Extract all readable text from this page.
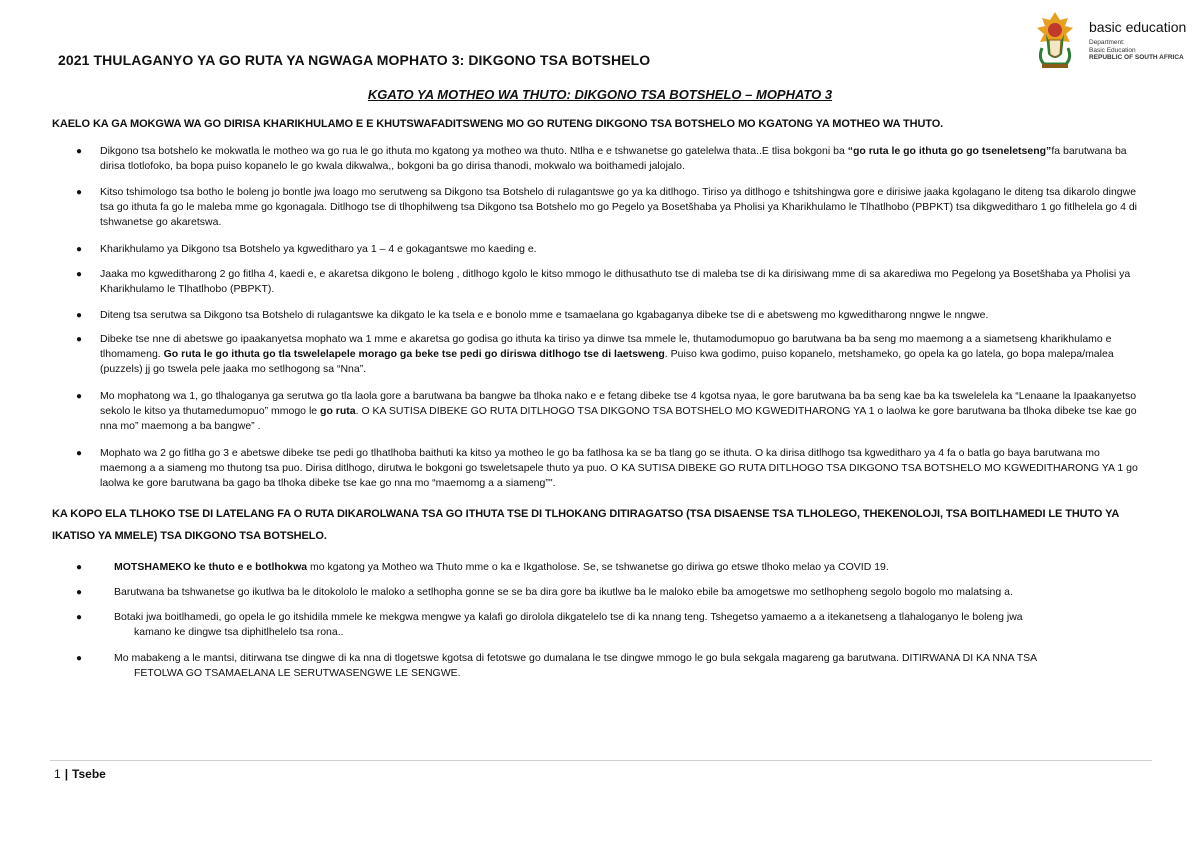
2021 THULAGANYO YA GO RUTA YA NGWAGA MOPHATO 3: DIKGONO TSA BOTSHELO
basic education
Department:
Basic Education
REPUBLIC OF SOUTH AFRICA
KGATO YA MOTHEO WA THUTO: DIKGONO TSA BOTSHELO – MOPHATO 3
KAELO KA GA MOKGWA WA GO DIRISA KHARIKHULAMO E E KHUTSWAFADITSWENG MO GO RUTENG DIKGONO TSA BOTSHELO MO KGATONG YA MOTHEO WA THUTO.
●	Dikgono tsa botshelo ke mokwatla le motheo wa go rua le go ithuta mo kgatong ya motheo wa thuto. Ntlha e e tshwanetse go gatelelwa thata..E tlisa bokgoni ba “go ruta le go ithuta go go tseneletseng”fa barutwana ba dirisa tlotlofoko, ba bopa puiso kopanelo le go kwala dikwalwa,, bokgoni ba go dirisa thanodi, mokwalo wa boithamedi jalojalo.
●	Kitso tshimologo tsa botho le boleng jo bontle jwa loago mo serutweng sa Dikgono tsa Botshelo di rulagantswe go ya ka ditlhogo. Tiriso ya ditlhogo e tshitshingwa gore e dirisiwe jaaka kgolagano le diteng tsa dikarolo dingwe tsa go ithuta fa go le maleba mme go kgonagala. Ditlhogo tse di tlhophilweng tsa Dikgono tsa Botshelo mo go Pegelo ya Bosetšhaba ya Pholisi ya Kharikhulamo le Tlhatlhobo (PBPKT) tsa dikgweditharo 1 go fitlhelela go 4 di tshwanetse go akaretswa.
●	Kharikhulamo ya Dikgono tsa Botshelo ya kgweditharo ya 1 – 4 e gokagantswe mo kaeding e.
●	Jaaka mo kgweditharong 2 go fitlha 4, kaedi e, e akaretsa dikgono le boleng , ditlhogo kgolo le kitso mmogo le dithusathuto tse di maleba tse di ka dirisiwang mme di sa akarediwa mo Pegelong ya Bosetšhaba ya Pholisi ya Kharikhulamo le Tlhatlhobo (PBPKT).
●	Diteng tsa serutwa sa Dikgono tsa Botshelo di rulagantswe ka dikgato le ka tsela e e bonolo mme e tsamaelana go kgabaganya dibeke tse di e abetsweng mo kgweditharong nngwe le nngwe.
●	Dibeke tse nne di abetswe go ipaakanyetsa mophato wa 1 mme e akaretsa go godisa go ithuta ka tiriso ya dinwe tsa mmele le, thutamodumopuo go barutwana ba ba seng mo maemong a a siametseng kharikhulamo e tlhomameng. Go ruta le go ithuta go tla tswelelapele morago ga beke tse pedi go diriswa ditlhogo tse di laetsweng. Puiso kwa godimo, puiso kopanelo, metshameko, go opela ka go latela, go bopa malepa/malea (puzzels) jj go tswela pele jaaka mo setlhogong sa “Nna”.
●	Mo mophatong wa 1, go tlhaloganya ga serutwa go tla laola gore a barutwana ba bangwe ba tlhoka nako e e fetang dibeke tse 4 kgotsa nyaa, le gore barutwana ba ba seng kae ba ka tswelelela ka “Lenaane la Ipaakanyetso sekolo le kitso ya thutamedumopuo” mmogo le go ruta. O KA SUTISA DIBEKE GO RUTA DITLHOGO TSA DIKGONO TSA BOTSHELO MO KGWEDITHARONG YA 1 o laolwa ke gore barutwana ba tlhoka dibeke tse kae go nna mo” maemong a ba bangwe” .
●	Mophato wa 2 go fitlha go 3 e abetswe dibeke tse pedi go tlhatlhoba baithuti ka kitso ya motheo le go ba fatlhosa ka se ba tlang go se ithuta. O ka dirisa ditlhogo tsa kgweditharo ya 4 fa o batla go baya barutwana mo maemong a a siameng mo thutong tsa puo. Dirisa ditlhogo, dirutwa le bokgoni go tsweletsapele thuto ya puo. O KA SUTISA DIBEKE GO RUTA DITLHOGO TSA DIKGONO TSA BOTSHELO MO KGWEDITHARONG YA 1 go laolwa ke gore barutwana ba gago ba tlhoka dibeke tse kae go nna mo “maemomg a a siameng”".
KA KOPO ELA TLHOKO TSE DI LATELANG FA O RUTA DIKAROLWANA TSA GO ITHUTA TSE DI TLHOKANG DITIRAGATSO (TSA DISAENSE TSA TLHOLEGO, THEKENOLOJI, TSA BOITLHAMEDI LE THUTO YA IKATISO YA MMELE) TSA DIKGONO TSA BOTSHELO.
●	MOTSHAMEKO ke thuto e e botlhokwa mo kgatong ya Motheo wa Thuto mme o ka e Ikgatholose. Se, se tshwanetse go diriwa go etswe tlhoko melao ya COVID 19.
●	Barutwana ba tshwanetse go ikutlwa ba le ditokololo le maloko a setlhopha gonne se se ba dira gore ba ikutlwe ba le maloko ebile ba amogetswe mo setlhopheng segolo bogolo mo malatsing a.
●	Botaki jwa boitlhamedi, go opela le go itshidila mmele ke mekgwa mengwe ya kalafi go dirolola dikgatelelo tse di ka nnang teng. Tshegetso yamaemo a a itekanetseng a tlahaloganyo le boleng jwa
kamano ke dingwe tsa diphitlhelelo tsa rona..
●	Mo mabakeng a le mantsi, ditirwana tse dingwe di ka nna di tlogetswe kgotsa di fetotswe go dumalana le tse dingwe mmogo le go bula sekgala magareng ga barutwana. DITIRWANA DI KA NNA TSA
FETOLWA GO TSAMAELANA LE SERUTWASENGWE LE SENGWE.
1 | Tsebe
